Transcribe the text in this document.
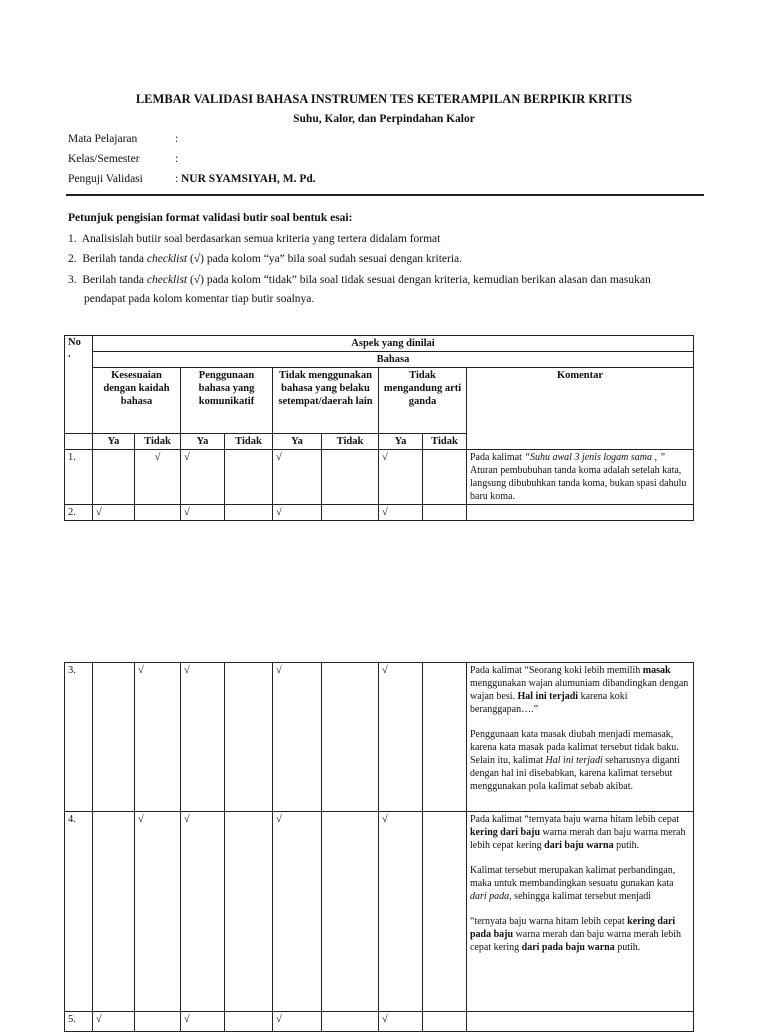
LEMBAR VALIDASI BAHASA INSTRUMEN TES KETERAMPILAN BERPIKIR KRITIS
Suhu, Kalor, dan Perpindahan Kalor
Mata Pelajaran	:
Kelas/Semester	:
Penguji Validasi	: NUR SYAMSIYAH, M. Pd.
Petunjuk pengisian format validasi butir soal bentuk esai:
1. Analisislah butiir soal berdasarkan semua kriteria yang tertera didalam format
2. Berilah tanda checklist (√) pada kolom “ya” bila soal sudah sesuai dengan kriteria.
3. Berilah tanda checklist (√) pada kolom “tidak” bila soal tidak sesuai dengan kriteria, kemudian berikan alasan dan masukan
pendapat pada kolom komentar tiap butir soalnya.
No
.	Aspek yang dinilai								
	Bahasa								
	Kesesuaian dengan kaidah bahasa		Penggunaan bahasa yang komunikatif		Tidak menggunakan bahasa yang belaku setempat/daerah lain		Tidak mengandung arti ganda		Komentar
	Ya	Tidak	Ya	Tidak	Ya	Tidak	Ya	Tidak	
1.		√	√		√		√		Pada kalimat “Suhu awal 3 jenis logam sama , ” Aturan pembubuhan tanda koma adalah setelah kata, langsung dibubuhkan tanda koma, bukan spasi dahulu baru koma.
2.	√		√		√		√		
3.		√	√		√		√		Pada kalimat “Seorang koki lebih memilih masak menggunakan wajan alumuniam dibandingkan dengan wajan besi. Hal ini terjadi karena koki beranggapan….”

Penggunaan kata masak diubah menjadi memasak, karena kata masak pada kalimat tersebut tidak baku. Selain itu, kalimat Hal ini terjadi seharusnya diganti dengan hal ini disebabkan, karena kalimat tersebut menggunakan pola kalimat sebab akibat.

4.		√	√		√		√		Pada kalimat “ternyata baju warna hitam lebih cepat kering dari baju warna merah dan baju warna merah lebih cepat kering dari baju warna putih.

Kalimat tersebut merupakan kalimat perbandingan, maka untuk membandingkan sesuatu gunakan kata dari pada, sehingga kalimat tersebut menjadi

“ternyata baju warna hitam lebih cepat kering dari pada baju warna merah dan baju warna merah lebih cepat kering dari pada baju warna putih.

5.	√		√		√		√		
